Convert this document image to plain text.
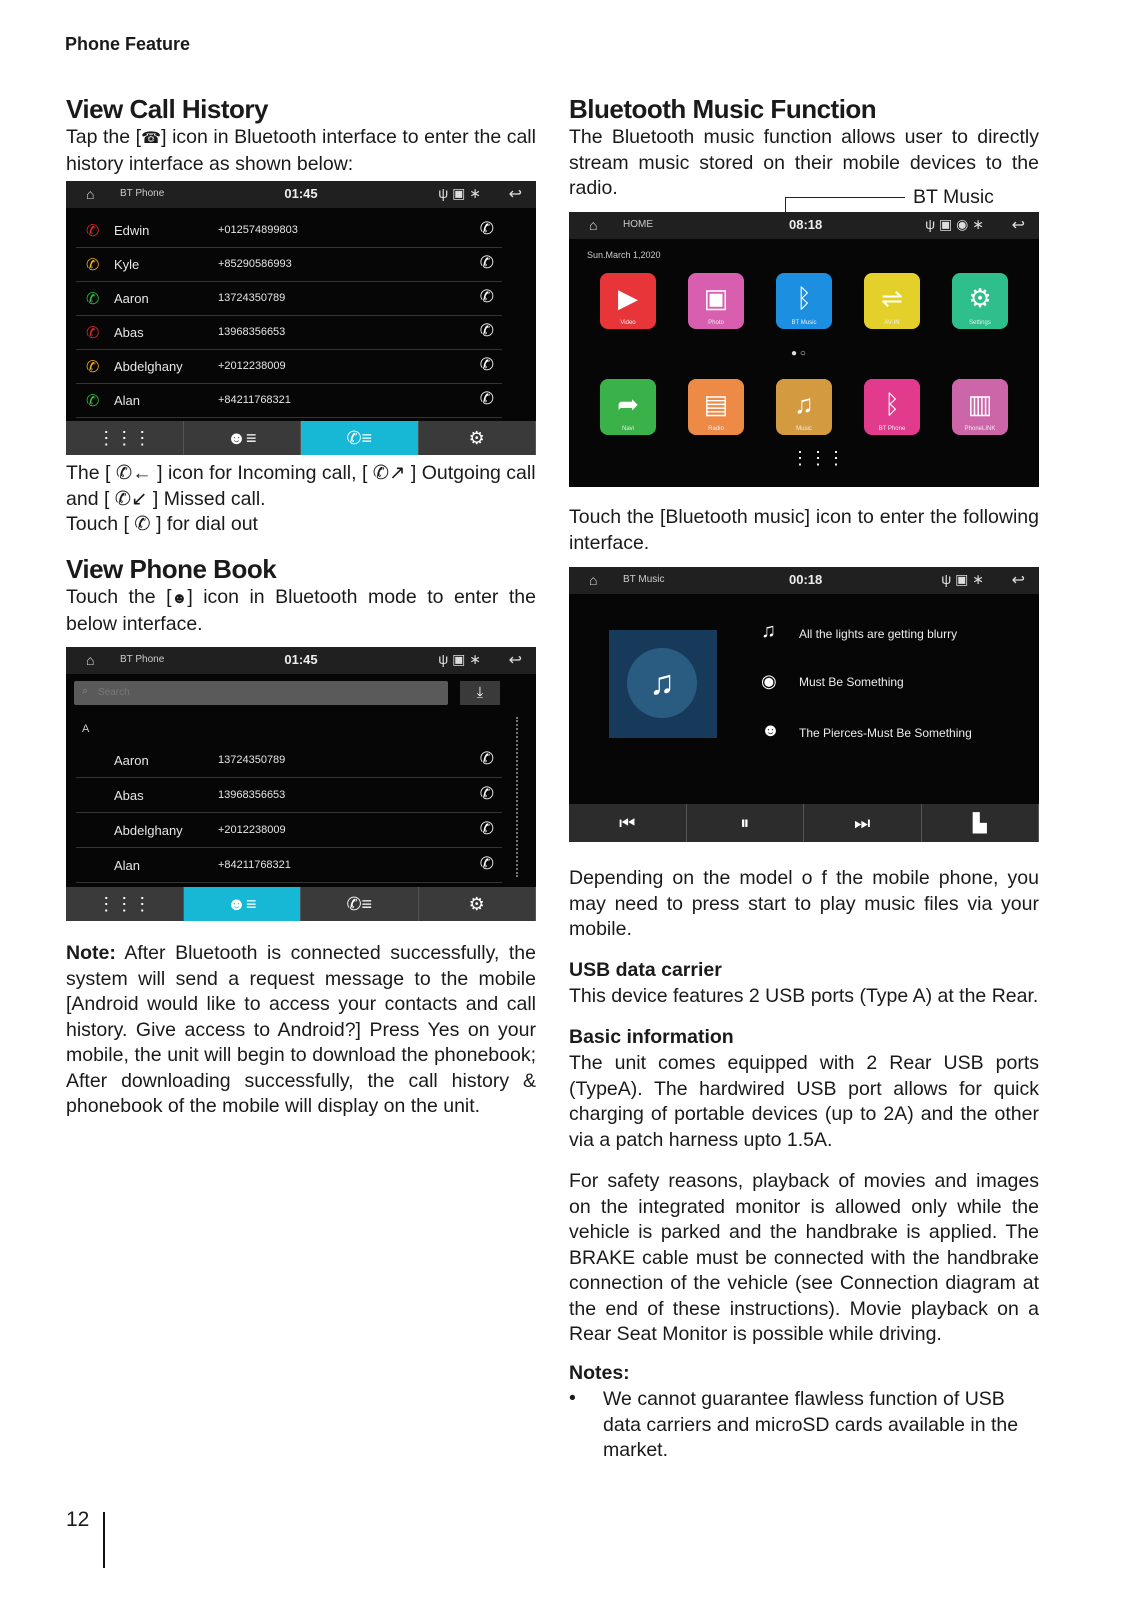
Phone Feature
View Call History
Tap the [☎] icon in Bluetooth interface to enter the call history interface as shown below:
⌂	BT Phone	01:45	ψ ▣ ∗ ↩
✆ Edwin	+012574899803	✆
✆ Kyle	+85290586993	✆
✆ Aaron	13724350789	✆
✆ Abas	13968356653	✆
✆ Abdelghany	+2012238009	✆
✆ Alan	+84211768321	✆
⋮⋮⋮	☻≡	✆≡	⚙
The [ ✆← ] icon for Incoming call, [ ✆↗ ] Outgoing call
and [ ✆↙ ] Missed call.
Touch [ ✆ ] for dial out
View Phone Book
Touch the [☻] icon in Bluetooth mode to enter the below interface.
⌂	BT Phone	01:45	ψ ▣ ∗ ↩
⌕ Search	⤓
A
Aaron	13724350789	✆
Abas	13968356653	✆
Abdelghany	+2012238009	✆
Alan	+84211768321	✆
⋮⋮⋮	☻≡	✆≡	⚙
Note: After Bluetooth is connected successfully, the system will send a request message to the mobile [Android would like to access your contacts and call history. Give access to Android?] Press Yes on your mobile, the unit will begin to download the phonebook; After downloading successfully, the call history & phonebook of the mobile will display on the unit.
Bluetooth Music Function
The Bluetooth music function allows user to directly stream music stored on their mobile devices to the radio.	BT Music
⌂	HOME	08:18	ψ ▣ ◉ ∗ ↩
Sun.March 1,2020
▶
Video
▣
Photo
ᛒ
BT Music
⇌
AV-IN
⚙
Settings
● ○
➦
Navi
▤
Radio
♫
Music
ᛒ
BT Phone
▥
PhoneLINK
⋮⋮⋮
Touch the [Bluetooth music] icon to enter the following interface.
⌂	BT Music	00:18	ψ ▣ ∗ ↩
♫
♫ All the lights are getting blurry
◉ Must Be Something
☻ The Pierces-Must Be Something
⏮	⏸	⏭	▙
Depending on the model o f the mobile phone, you may need to press start to play music files via your mobile.
USB data carrier
This device features 2 USB ports (Type A) at the Rear.
Basic information
The unit comes equipped with 2 Rear USB ports (TypeA). The hardwired USB port allows for quick charging of portable devices (up to 2A) and the other via a patch harness upto 1.5A.
For safety reasons, playback of movies and images on the integrated monitor is allowed only while the vehicle is parked and the handbrake is applied. The BRAKE cable must be connected with the handbrake connection of the vehicle (see Connection diagram at the end of these instructions). Movie playback on a Rear Seat Monitor is possible while driving.
Notes:
• We cannot guarantee flawless function of USB data carriers and microSD cards available in the market.
12
